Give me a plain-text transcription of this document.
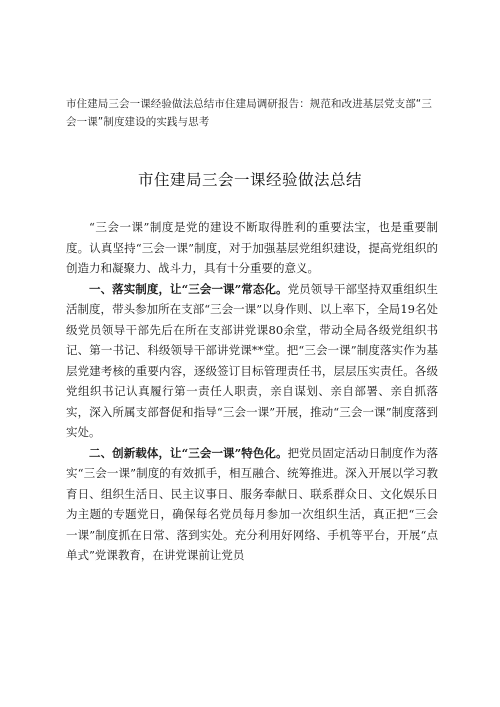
市住建局三会一课经验做法总结市住建局调研报告：规范和改进基层党支部“三会一课”制度建设的实践与思考
市住建局三会一课经验做法总结

“三会一课”制度是党的建设不断取得胜利的重要法宝，也是重要制度。认真坚持“三会一课”制度，对于加强基层党组织建设，提高党组织的创造力和凝聚力、战斗力，具有十分重要的意义。

一、落实制度，让“三会一课”常态化。党员领导干部坚持双重组织生活制度，带头参加所在支部“三会一课”以身作则、以上率下，全局19名处级党员领导干部先后在所在支部讲党课80余堂，带动全局各级党组织书记、第一书记、科级领导干部讲党课**堂。把“三会一课”制度落实作为基层党建考核的重要内容，逐级签订目标管理责任书，层层压实责任。各级党组织书记认真履行第一责任人职责，亲自谋划、亲自部署、亲自抓落实，深入所属支部督促和指导“三会一课”开展，推动“三会一课”制度落到实处。

二、创新载体，让“三会一课”特色化。把党员固定活动日制度作为落实“三会一课”制度的有效抓手，相互融合、统筹推进。深入开展以学习教育日、组织生活日、民主议事日、服务奉献日、联系群众日、文化娱乐日为主题的专题党日，确保每名党员每月参加一次组织生活，真正把“三会一课”制度抓在日常、落到实处。充分利用好网络、手机等平台，开展“点单式”党课教育，在讲党课前让党员
